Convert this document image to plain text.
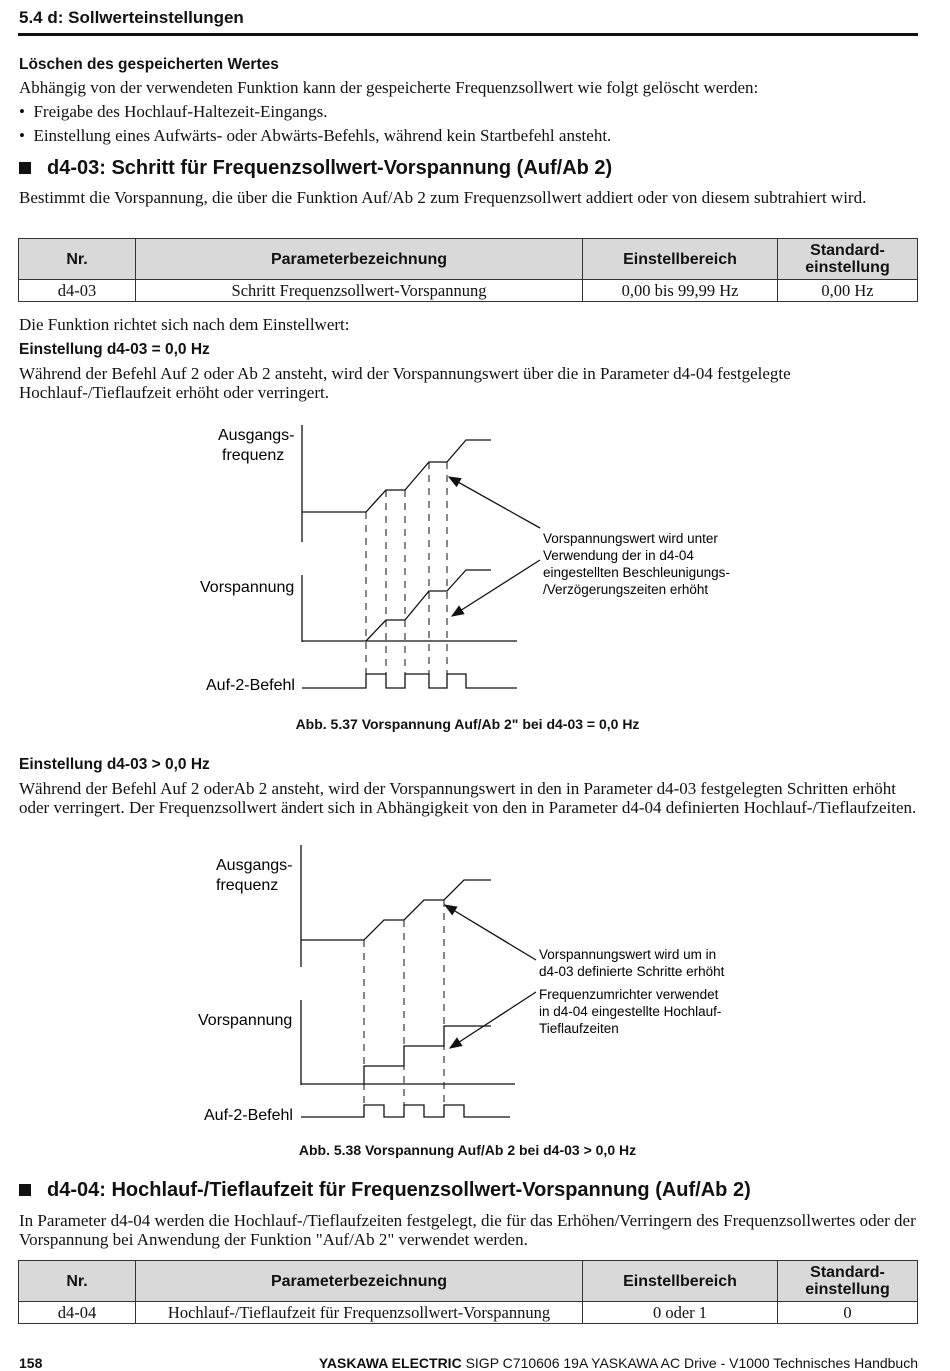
5.4 d: Sollwerteinstellungen
Löschen des gespeicherten Wertes
Abhängig von der verwendeten Funktion kann der gespeicherte Frequenzsollwert wie folgt gelöscht werden:
•  Freigabe des Hochlauf-Haltezeit-Eingangs.
•  Einstellung eines Aufwärts- oder Abwärts-Befehls, während kein Startbefehl ansteht.
d4-03: Schritt für Frequenzsollwert-Vorspannung (Auf/Ab 2)
Bestimmt die Vorspannung, die über die Funktion Auf/Ab 2 zum Frequenzsollwert addiert oder von diesem subtrahiert wird.
Nr.	Parameterbezeichnung	Einstellbereich	Standard-
einstellung
d4-03	Schritt Frequenzsollwert-Vorspannung	0,00 bis 99,99 Hz	0,00 Hz
Die Funktion richtet sich nach dem Einstellwert:
Einstellung d4-03 = 0,0 Hz
Während der Befehl Auf 2 oder Ab 2 ansteht, wird der Vorspannungswert über die in Parameter d4-04 festgelegte Hochlauf-/Tieflaufzeit erhöht oder verringert.
Ausgangs-
frequenz
Vorspannung
Auf-2-Befehl
Vorspannungswert wird unter
Verwendung der in d4-04
eingestellten Beschleunigungs-
/Verzögerungszeiten erhöht
Abb. 5.37 Vorspannung Auf/Ab 2" bei d4-03 = 0,0 Hz
Einstellung d4-03 > 0,0 Hz
Während der Befehl Auf 2 oderAb 2 ansteht, wird der Vorspannungswert in den in Parameter d4-03 festgelegten Schritten erhöht oder verringert. Der Frequenzsollwert ändert sich in Abhängigkeit von den in Parameter d4-04 definierten Hochlauf-/Tieflaufzeiten.
Ausgangs-
frequenz
Vorspannung
Auf-2-Befehl
Vorspannungswert wird um in
d4-03 definierte Schritte erhöht
Frequenzumrichter verwendet
in d4-04 eingestellte Hochlauf-
Tieflaufzeiten
Abb. 5.38 Vorspannung Auf/Ab 2 bei d4-03 > 0,0 Hz
d4-04: Hochlauf-/Tieflaufzeit für Frequenzsollwert-Vorspannung (Auf/Ab 2)
In Parameter d4-04 werden die Hochlauf-/Tieflaufzeiten festgelegt, die für das Erhöhen/Verringern des Frequenzsollwertes oder der Vorspannung bei Anwendung der Funktion "Auf/Ab 2" verwendet werden.
Nr.	Parameterbezeichnung	Einstellbereich	Standard-
einstellung
d4-04	Hochlauf-/Tieflaufzeit für Frequenzsollwert-Vorspannung	0 oder 1	0
158	YASKAWA ELECTRIC SIGP C710606 19A YASKAWA AC Drive - V1000 Technisches Handbuch
